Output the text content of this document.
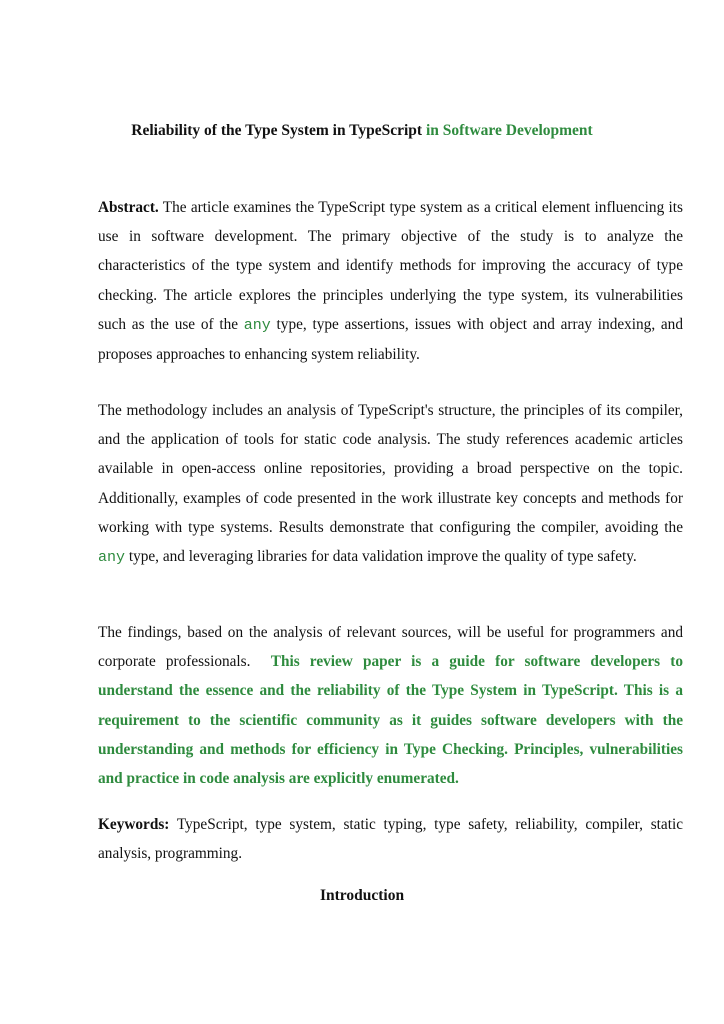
Reliability of the Type System in TypeScript in Software Development

Abstract. The article examines the TypeScript type system as a critical element influencing its use in software development. The primary objective of the study is to analyze the characteristics of the type system and identify methods for improving the accuracy of type checking. The article explores the principles underlying the type system, its vulnerabilities such as the use of the any type, type assertions, issues with object and array indexing, and proposes approaches to enhancing system reliability.

The methodology includes an analysis of TypeScript's structure, the principles of its compiler, and the application of tools for static code analysis. The study references academic articles available in open-access online repositories, providing a broad perspective on the topic. Additionally, examples of code presented in the work illustrate key concepts and methods for working with type systems. Results demonstrate that configuring the compiler, avoiding the any type, and leveraging libraries for data validation improve the quality of type safety.

The findings, based on the analysis of relevant sources, will be useful for programmers and corporate professionals. This review paper is a guide for software developers to understand the essence and the reliability of the Type System in TypeScript. This is a requirement to the scientific community as it guides software developers with the understanding and methods for efficiency in Type Checking. Principles, vulnerabilities and practice in code analysis are explicitly enumerated.

Keywords: TypeScript, type system, static typing, type safety, reliability, compiler, static analysis, programming.

Introduction
